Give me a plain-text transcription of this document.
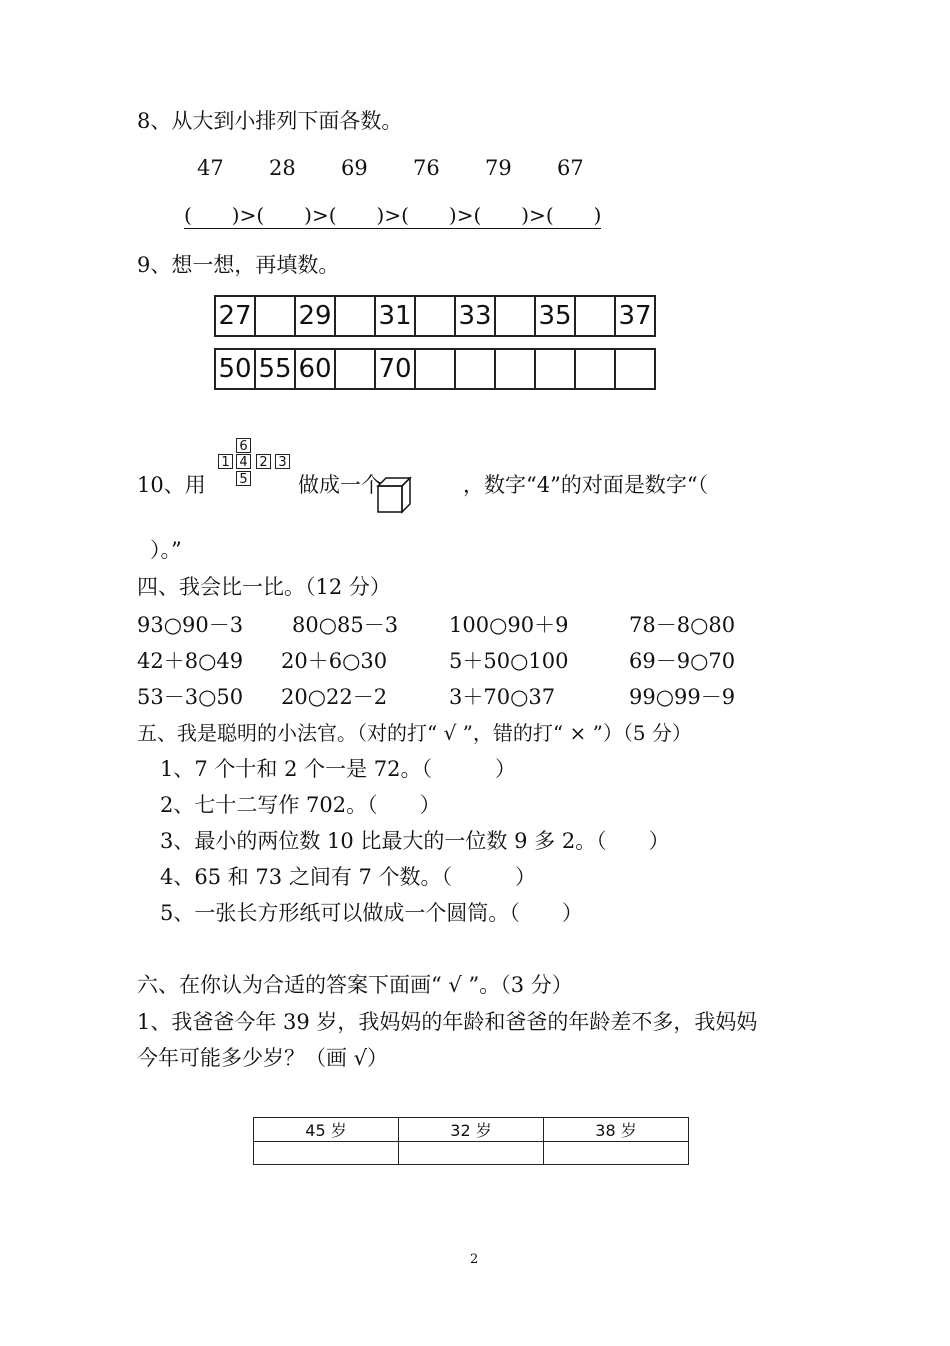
8、从大到小排列下面各数。
47 28 69 76 79 67
(　　)>(　　)>(　　)>(　　)>(　　)>(　　)
9、想一想，再填数。
27		29		31		33		35		37
50	55	60		70						
10、用
6
1 4 2 3
5 做成一个	，数字“4”的对面是数字“（
）。”
四、我会比一比。（12 分）
93○90－3 80○85－3 100○90＋9	78－8○80
42＋8○49 20＋6○30	5＋50○100	69－9○70
53－3○50 20○22－2	3＋70○37	99○99－9
五、我是聪明的小法官。（对的打“ √ ”，错的打“ × ”）（5 分）
1、7 个十和 2 个一是 72。（　　　）
2、七十二写作 702。（　　）
3、最小的两位数 10 比最大的一位数 9 多 2。（　　）
4、65 和 73 之间有 7 个数。（　　　）
5、一张长方形纸可以做成一个圆筒。（　　）
六、在你认为合适的答案下面画“ √ ”。（3 分）
1、我爸爸今年 39 岁，我妈妈的年龄和爸爸的年龄差不多，我妈妈
今年可能多少岁？（画 √）
45 岁	32 岁	38 岁

2
